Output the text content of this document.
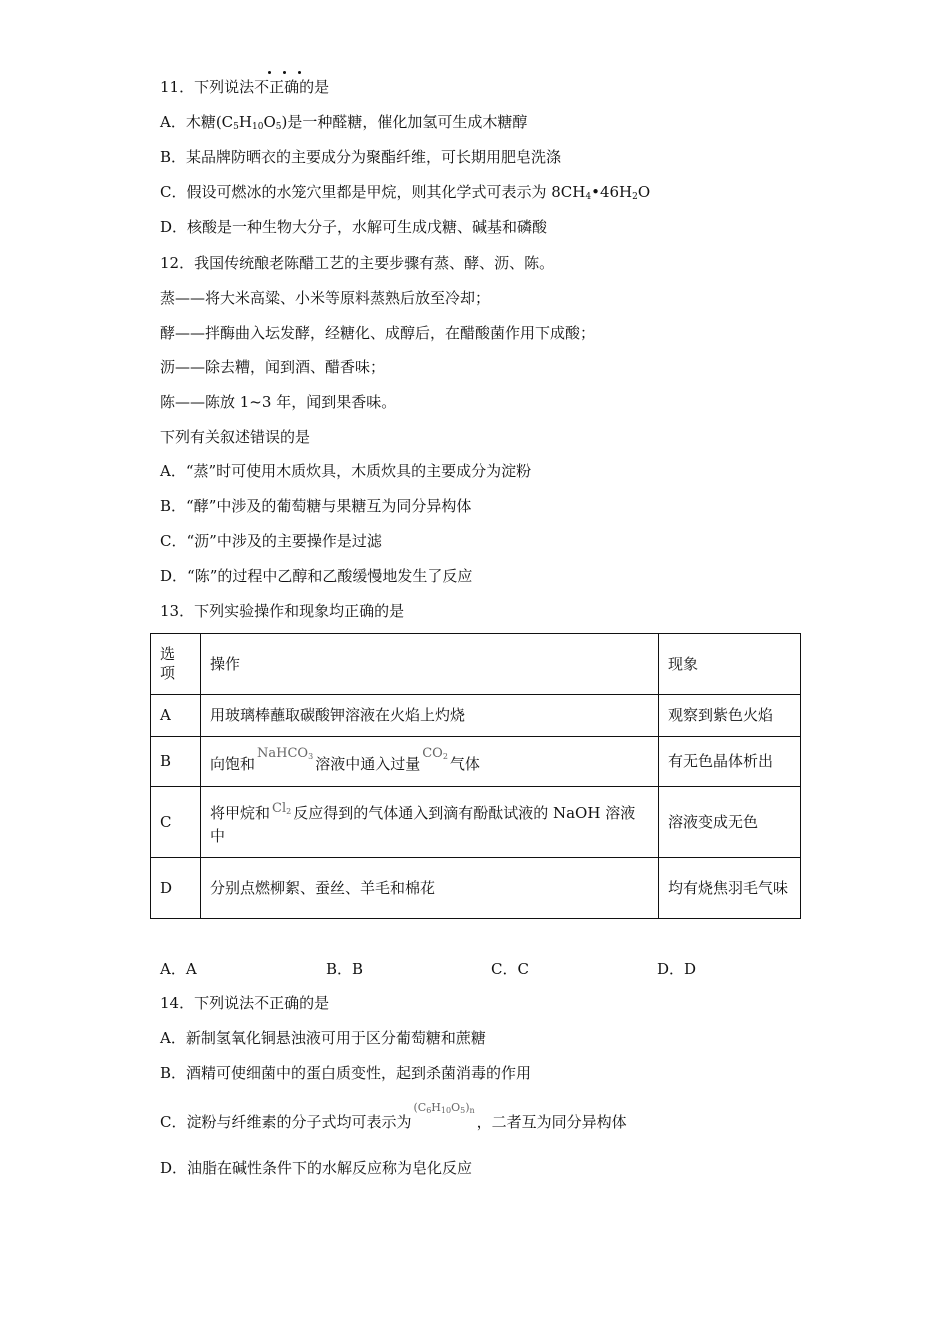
11．下列说法不正确的是
A．木糖$(C_5H_{10}O_5)$是一种醛糖，催化加氢可生成木糖醇
B．某品牌防晒衣的主要成分为聚酯纤维，可长期用肥皂洗涤
C．假设可燃冰的水笼穴里都是甲烷，则其化学式可表示为 $8CH_4•46H_2O$
D．核酸是一种生物大分子，水解可生成戊糖、碱基和磷酸
12．我国传统酿老陈醋工艺的主要步骤有蒸、酵、沥、陈。
蒸——将大米高粱、小米等原料蒸熟后放至冷却；
酵——拌酶曲入坛发酵，经糖化、成醇后，在醋酸菌作用下成酸；
沥——除去糟，闻到酒、醋香味；
陈——陈放 1~3 年，闻到果香味。
下列有关叙述错误的是
A．“蒸”时可使用木质炊具，木质炊具的主要成分为淀粉
B．“酵”中涉及的葡萄糖与果糖互为同分异构体
C．“沥”中涉及的主要操作是过滤
D．“陈”的过程中乙醇和乙酸缓慢地发生了反应
13．下列实验操作和现象均正确的是
选项	操作	现象
A	用玻璃棒蘸取碳酸钾溶液在火焰上灼烧	观察到紫色火焰
B	向饱和NaHCO$_3$ 溶液中通入过量$CO_2$ 气体	有无色晶体析出
C	将甲烷和 $Cl_2$ 反应得到的气体通入到滴有酚酞试液的 NaOH 溶液中	溶液变成无色
D	分别点燃柳絮、蚕丝、羊毛和棉花	均有烧焦羽毛气味
A．A	B．B	C．C	D．D
14．下列说法不正确的是
A．新制氢氧化铜悬浊液可用于区分葡萄糖和蔗糖
B．酒精可使细菌中的蛋白质变性，起到杀菌消毒的作用
C．淀粉与纤维素的分子式均可表示为$(C_6H_{10}O_5)_n$，二者互为同分异构体
D．油脂在碱性条件下的水解反应称为皂化反应
